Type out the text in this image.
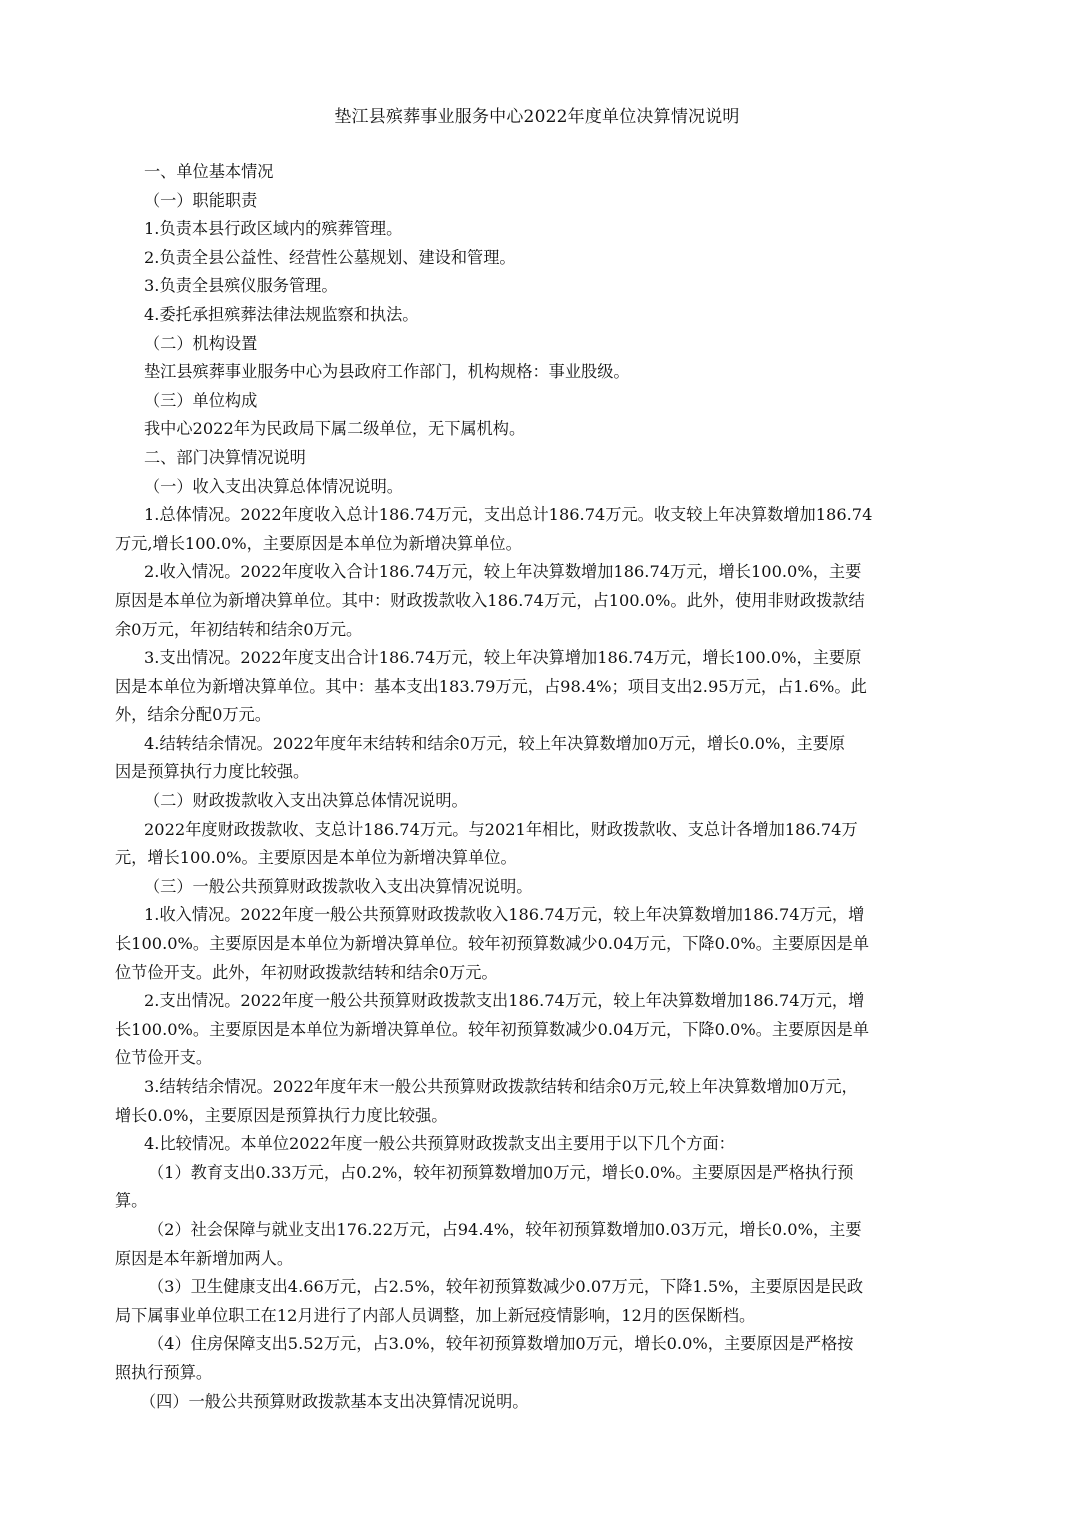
垫江县殡葬事业服务中心2022年度单位决算情况说明

一、单位基本情况

（一）职能职责

1.负责本县行政区域内的殡葬管理。

2.负责全县公益性、经营性公墓规划、建设和管理。

3.负责全县殡仪服务管理。

4.委托承担殡葬法律法规监察和执法。

（二）机构设置

垫江县殡葬事业服务中心为县政府工作部门，机构规格：事业股级。

（三）单位构成

我中心2022年为民政局下属二级单位，无下属机构。

二、部门决算情况说明

（一）收入支出决算总体情况说明。

1.总体情况。2022年度收入总计186.74万元，支出总计186.74万元。收支较上年决算数增加186.74

万元,增长100.0%，主要原因是本单位为新增决算单位。

2.收入情况。2022年度收入合计186.74万元，较上年决算数增加186.74万元，增长100.0%，主要

原因是本单位为新增决算单位。其中：财政拨款收入186.74万元，占100.0%。此外，使用非财政拨款结

余0万元，年初结转和结余0万元。

3.支出情况。2022年度支出合计186.74万元，较上年决算增加186.74万元，增长100.0%，主要原

因是本单位为新增决算单位。其中：基本支出183.79万元，占98.4%；项目支出2.95万元，占1.6%。此

外，结余分配0万元。

4.结转结余情况。2022年度年末结转和结余0万元，较上年决算数增加0万元，增长0.0%，主要原

因是预算执行力度比较强。

（二）财政拨款收入支出决算总体情况说明。

2022年度财政拨款收、支总计186.74万元。与2021年相比，财政拨款收、支总计各增加186.74万

元，增长100.0%。主要原因是本单位为新增决算单位。

（三）一般公共预算财政拨款收入支出决算情况说明。

1.收入情况。2022年度一般公共预算财政拨款收入186.74万元，较上年决算数增加186.74万元，增

长100.0%。主要原因是本单位为新增决算单位。较年初预算数减少0.04万元，下降0.0%。主要原因是单

位节俭开支。此外，年初财政拨款结转和结余0万元。

2.支出情况。2022年度一般公共预算财政拨款支出186.74万元，较上年决算数增加186.74万元，增

长100.0%。主要原因是本单位为新增决算单位。较年初预算数减少0.04万元，下降0.0%。主要原因是单

位节俭开支。

3.结转结余情况。2022年度年末一般公共预算财政拨款结转和结余0万元,较上年决算数增加0万元，

增长0.0%，主要原因是预算执行力度比较强。

4.比较情况。本单位2022年度一般公共预算财政拨款支出主要用于以下几个方面：

（1）教育支出0.33万元，占0.2%，较年初预算数增加0万元，增长0.0%。主要原因是严格执行预

算。

（2）社会保障与就业支出176.22万元，占94.4%，较年初预算数增加0.03万元，增长0.0%，主要

原因是本年新增加两人。

（3）卫生健康支出4.66万元，占2.5%，较年初预算数减少0.07万元，下降1.5%，主要原因是民政

局下属事业单位职工在12月进行了内部人员调整，加上新冠疫情影响，12月的医保断档。

（4）住房保障支出5.52万元，占3.0%，较年初预算数增加0万元，增长0.0%，主要原因是严格按

照执行预算。

（四）一般公共预算财政拨款基本支出决算情况说明。
